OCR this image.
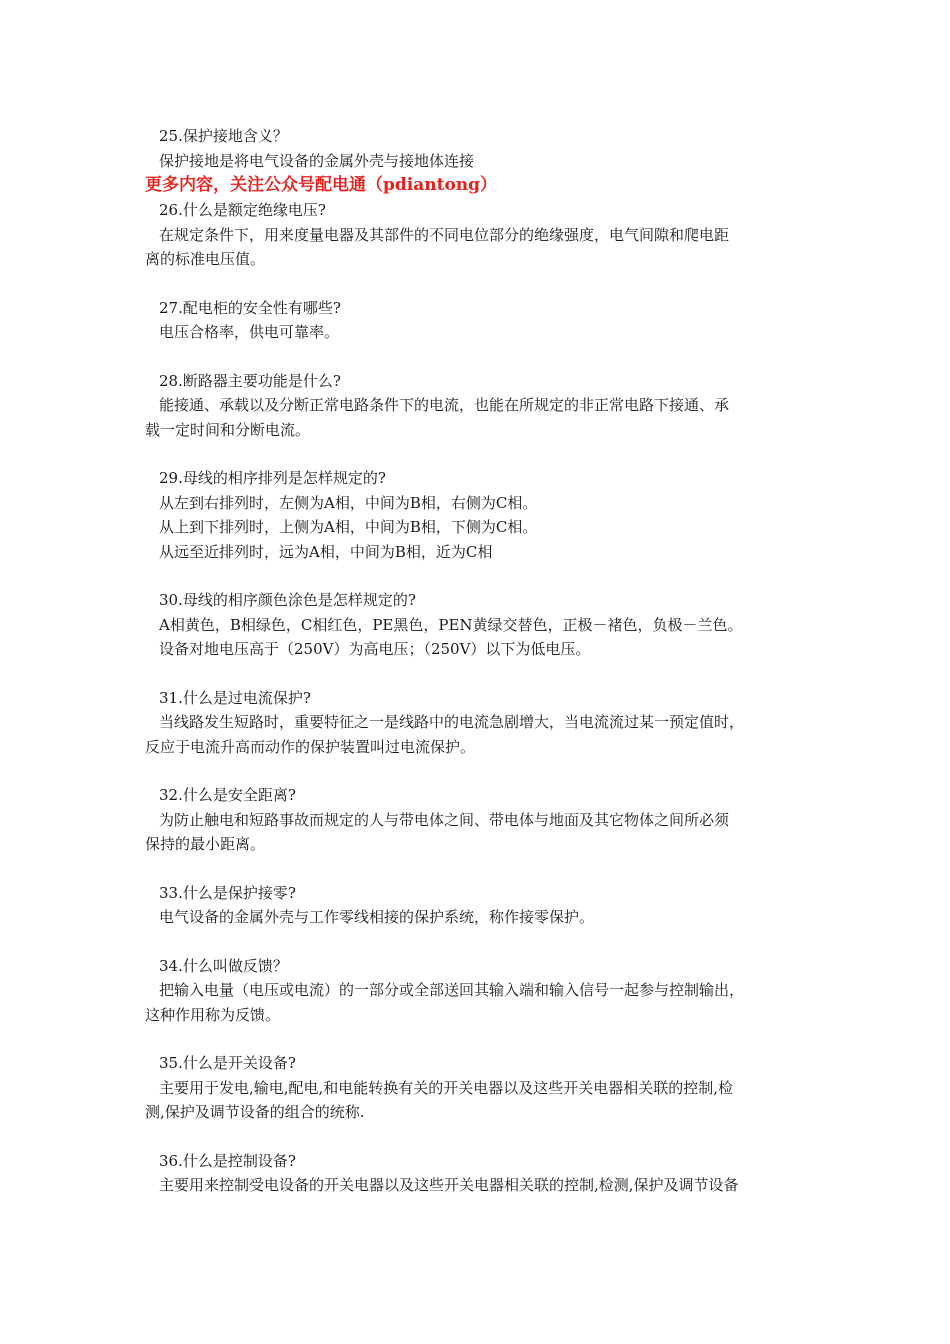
25.保护接地含义？
保护接地是将电气设备的金属外壳与接地体连接
更多内容，关注公众号配电通（pdiantong）
26.什么是额定绝缘电压?
在规定条件下，用来度量电器及其部件的不同电位部分的绝缘强度，电气间隙和爬电距
离的标准电压值。
27.配电柜的安全性有哪些?
电压合格率，供电可靠率。
28.断路器主要功能是什么?
能接通、承载以及分断正常电路条件下的电流，也能在所规定的非正常电路下接通、承
载一定时间和分断电流。
29.母线的相序排列是怎样规定的?
从左到右排列时，左侧为A相，中间为B相，右侧为C相。
从上到下排列时，上侧为A相，中间为B相，下侧为C相。
从远至近排列时，远为A相，中间为B相，近为C相
30.母线的相序颜色涂色是怎样规定的?
A相黄色，B相绿色，C相红色，PE黑色，PEN黄绿交替色，正极－褚色，负极－兰色。
设备对地电压高于（250V）为高电压；（250V）以下为低电压。
31.什么是过电流保护?
当线路发生短路时，重要特征之一是线路中的电流急剧增大，当电流流过某一预定值时，
反应于电流升高而动作的保护装置叫过电流保护。
32.什么是安全距离?
为防止触电和短路事故而规定的人与带电体之间、带电体与地面及其它物体之间所必须
保持的最小距离。
33.什么是保护接零?
电气设备的金属外壳与工作零线相接的保护系统，称作接零保护。
34.什么叫做反馈？
把输入电量（电压或电流）的一部分或全部送回其输入端和输入信号一起参与控制输出，
这种作用称为反馈。
35.什么是开关设备?
主要用于发电,输电,配电,和电能转换有关的开关电器以及这些开关电器相关联的控制,检
测,保护及调节设备的组合的统称.
36.什么是控制设备?
主要用来控制受电设备的开关电器以及这些开关电器相关联的控制,检测,保护及调节设备
